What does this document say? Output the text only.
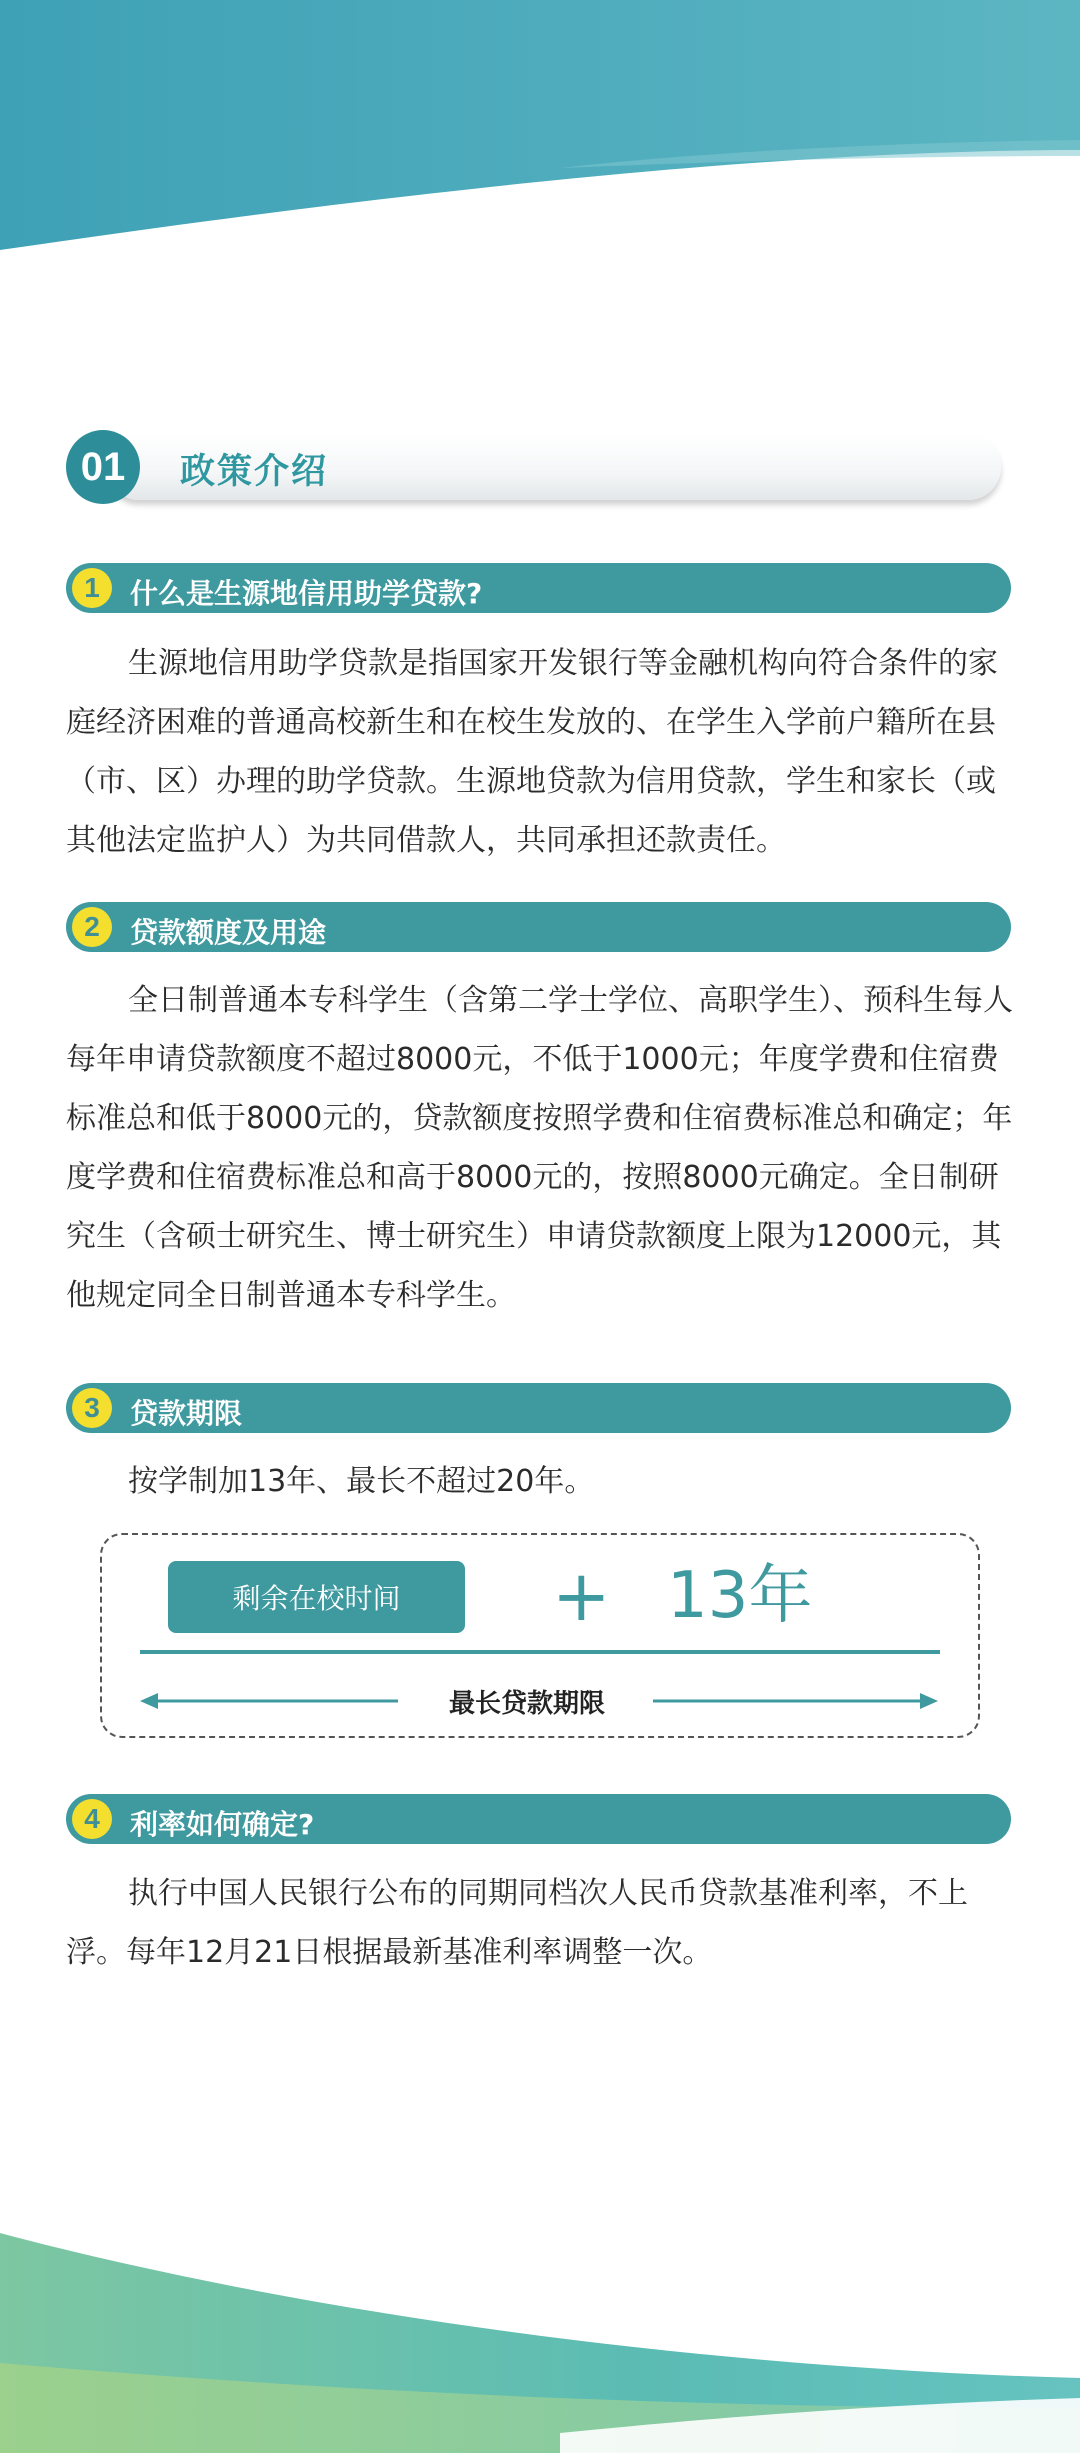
01	政策介绍
1	什么是生源地信用助学贷款?

生源地信用助学贷款是指国家开发银行等金融机构向符合条件的家庭经济困难的普通高校新生和在校生发放的、在学生入学前户籍所在县（市、区）办理的助学贷款。生源地贷款为信用贷款，学生和家长（或其他法定监护人）为共同借款人，共同承担还款责任。

2	贷款额度及用途

全日制普通本专科学生（含第二学士学位、高职学生）、预科生每人每年申请贷款额度不超过8000元，不低于1000元；年度学费和住宿费标准总和低于8000元的，贷款额度按照学费和住宿费标准总和确定；年度学费和住宿费标准总和高于8000元的，按照8000元确定。全日制研究生（含硕士研究生、博士研究生）申请贷款额度上限为12000元，其他规定同全日制普通本专科学生。

3	贷款期限

按学制加13年、最长不超过20年。

剩余在校时间	+ 13年
最长贷款期限
4	利率如何确定?

执行中国人民银行公布的同期同档次人民币贷款基准利率，不上浮。每年12月21日根据最新基准利率调整一次。
